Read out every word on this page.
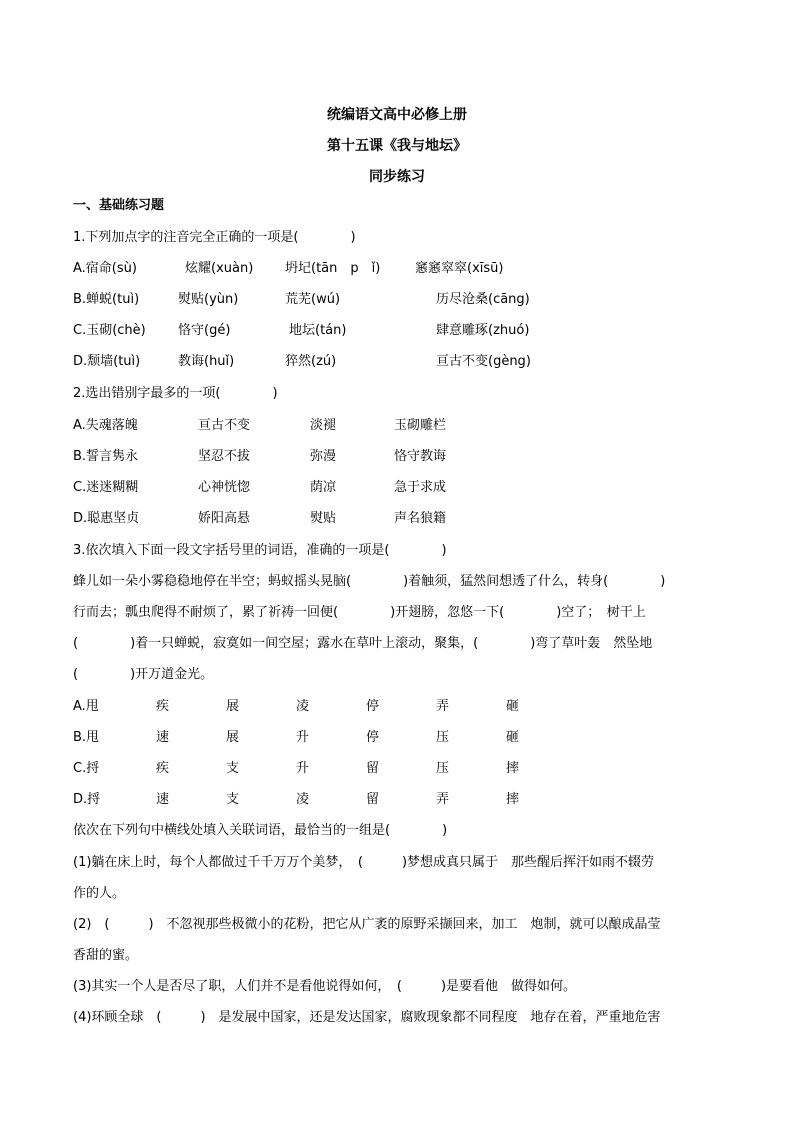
统编语文高中必修上册
第十五课《我与地坛》
同步练习
一、基础练习题
1.下列加点字的注音完全正确的一项是(　　　　)
A.宿命(sù)	炫耀(xuàn) 坍圮(tān　p　ǐ)	窸窸窣窣(xīsū)
B.蝉蜕(tuì)	熨贴(yùn)	荒芜(wú)	历尽沧桑(cāng)
C.玉砌(chè) 恪守(gé)	地坛(tán)	肆意雕琢(zhuó)
D.颓墙(tuì)	教诲(huǐ)	猝然(zú)	亘古不变(gèng)
2.选出错别字最多的一项(　　　　)
A.失魂落魄	亘古不变	淡褪	玉砌雕栏
B.誓言隽永	坚忍不拔	弥漫	恪守教诲
C.迷迷糊糊	心神恍惚	荫凉	急于求成
D.聪惠坚贞	娇阳高悬	熨贴	声名狼籍
3.依次填入下面一段文字括号里的词语，准确的一项是(　　　　)
蜂儿如一朵小雾稳稳地停在半空；蚂蚁摇头晃脑(　　　　)着触须，猛然间想透了什么，转身(　　　　)
行而去；瓢虫爬得不耐烦了，累了祈祷一回便(　　　　)开翅膀，忽悠一下(　　　　)空了；　树干上
(　　　　)着一只蝉蜕，寂寞如一间空屋；露水在草叶上滚动，聚集，(　　　　)弯了草叶轰　然坠地
(　　　　)开万道金光。
A.甩	疾	展	凌	停	弄	砸
B.甩	速	展	升	停	压	砸
C.捋	疾	支	升	留	压	摔
D.捋	速	支	凌	留	弄	摔
依次在下列句中横线处填入关联词语，最恰当的一组是(　　　　)
(1)躺在床上时，每个人都做过千千万万个美梦，　(　　　)梦想成真只属于　那些醒后挥汗如雨不辍劳
作的人。
(2)　(　　　)　不忽视那些极微小的花粉，把它从广袤的原野采撷回来，加工　炮制，就可以酿成晶莹
香甜的蜜。
(3)其实一个人是否尽了职，人们并不是看他说得如何，　(　　　)是要看他　做得如何。
(4)环顾全球　(　　　)　是发展中国家，还是发达国家，腐败现象都不同程度　地存在着，严重地危害
